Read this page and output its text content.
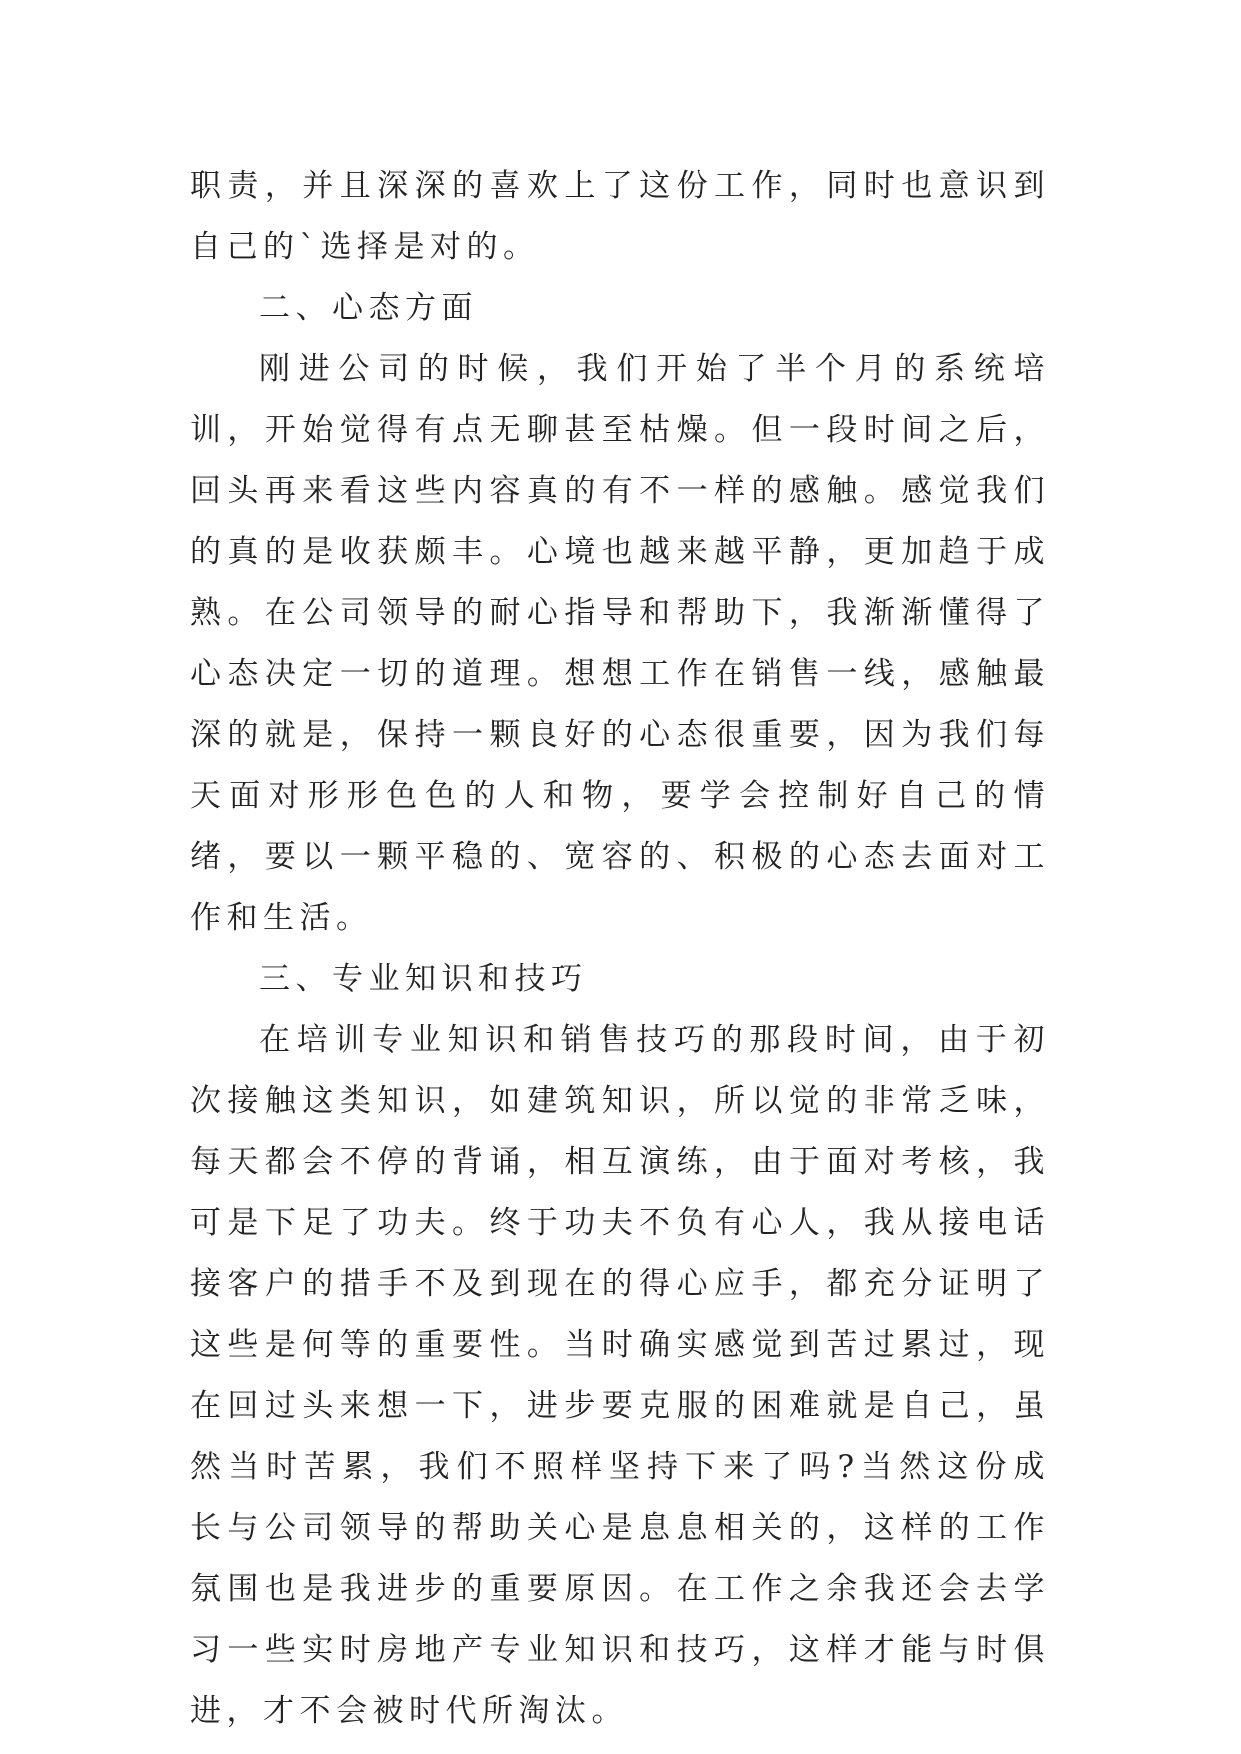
职责，并且深深的喜欢上了这份工作，同时也意识到自己的`选择是对的。

二、心态方面

刚进公司的时候，我们开始了半个月的系统培训，开始觉得有点无聊甚至枯燥。但一段时间之后，回头再来看这些内容真的有不一样的感触。感觉我们的真的是收获颇丰。心境也越来越平静，更加趋于成熟。在公司领导的耐心指导和帮助下，我渐渐懂得了心态决定一切的道理。想想工作在销售一线，感触最深的就是，保持一颗良好的心态很重要，因为我们每天面对形形色色的人和物，要学会控制好自己的情绪，要以一颗平稳的、宽容的、积极的心态去面对工作和生活。

三、专业知识和技巧

在培训专业知识和销售技巧的那段时间，由于初次接触这类知识，如建筑知识，所以觉的非常乏味，每天都会不停的背诵，相互演练，由于面对考核，我可是下足了功夫。终于功夫不负有心人，我从接电话接客户的措手不及到现在的得心应手，都充分证明了这些是何等的重要性。当时确实感觉到苦过累过，现在回过头来想一下，进步要克服的困难就是自己，虽然当时苦累，我们不照样坚持下来了吗?当然这份成长与公司领导的帮助关心是息息相关的，这样的工作氛围也是我进步的重要原因。在工作之余我还会去学习一些实时房地产专业知识和技巧，这样才能与时俱进，才不会被时代所淘汰。
